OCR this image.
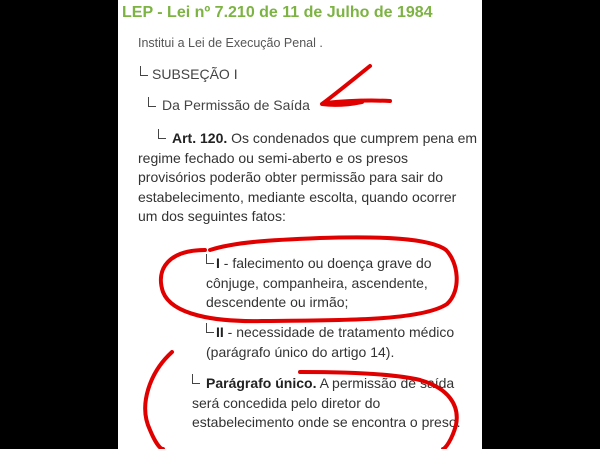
LEP - Lei nº 7.210 de 11 de Julho de 1984
Institui a Lei de Execução Penal .
SUBSEÇÃO I
Da Permissão de Saída
Art. 120. Os condenados que cumprem pena em regime fechado ou semi-aberto e os presos provisórios poderão obter permissão para sair do estabelecimento, mediante escolta, quando ocorrer um dos seguintes fatos:
I - falecimento ou doença grave do cônjuge, companheira, ascendente, descendente ou irmão;
II - necessidade de tratamento médico (parágrafo único do artigo 14).
Parágrafo único. A permissão de saída será concedida pelo diretor do estabelecimento onde se encontra o preso.
